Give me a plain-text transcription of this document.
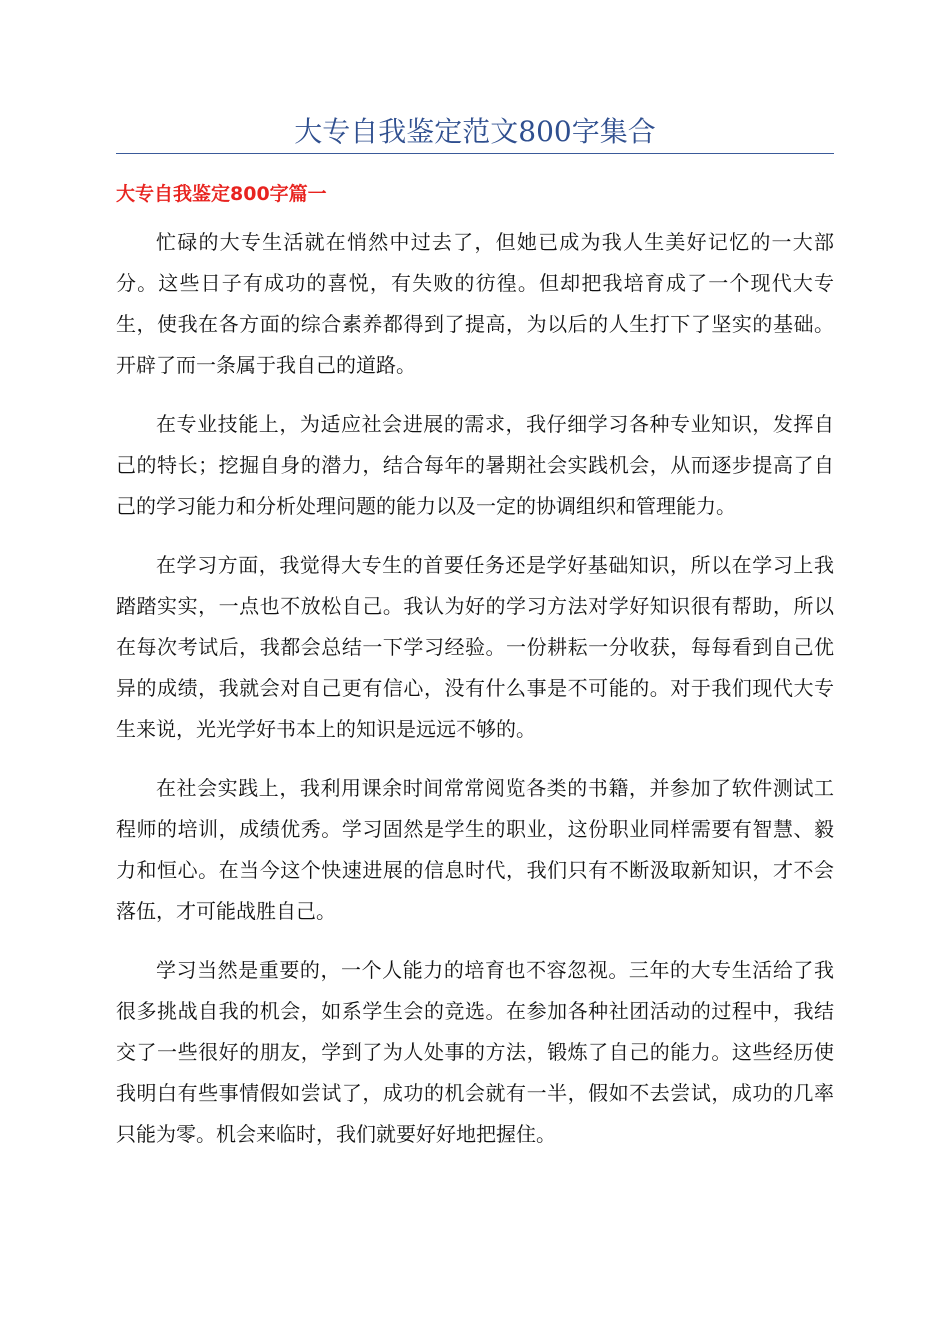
大专自我鉴定范文800字集合
大专自我鉴定800字篇一

忙碌的大专生活就在悄然中过去了，但她已成为我人生美好记忆的一大部分。这些日子有成功的喜悦，有失败的彷徨。但却把我培育成了一个现代大专生，使我在各方面的综合素养都得到了提高，为以后的人生打下了坚实的基础。开辟了而一条属于我自己的道路。

在专业技能上，为适应社会进展的需求，我仔细学习各种专业知识，发挥自己的特长；挖掘自身的潜力，结合每年的暑期社会实践机会，从而逐步提高了自己的学习能力和分析处理问题的能力以及一定的协调组织和管理能力。

在学习方面，我觉得大专生的首要任务还是学好基础知识，所以在学习上我踏踏实实，一点也不放松自己。我认为好的学习方法对学好知识很有帮助，所以在每次考试后，我都会总结一下学习经验。一份耕耘一分收获，每每看到自己优异的成绩，我就会对自己更有信心，没有什么事是不可能的。对于我们现代大专生来说，光光学好书本上的知识是远远不够的。

在社会实践上，我利用课余时间常常阅览各类的书籍，并参加了软件测试工程师的培训，成绩优秀。学习固然是学生的职业，这份职业同样需要有智慧、毅力和恒心。在当今这个快速进展的信息时代，我们只有不断汲取新知识，才不会落伍，才可能战胜自己。

学习当然是重要的，一个人能力的培育也不容忽视。三年的大专生活给了我很多挑战自我的机会，如系学生会的竞选。在参加各种社团活动的过程中，我结交了一些很好的朋友，学到了为人处事的方法，锻炼了自己的能力。这些经历使我明白有些事情假如尝试了，成功的机会就有一半，假如不去尝试，成功的几率只能为零。机会来临时，我们就要好好地把握住。
